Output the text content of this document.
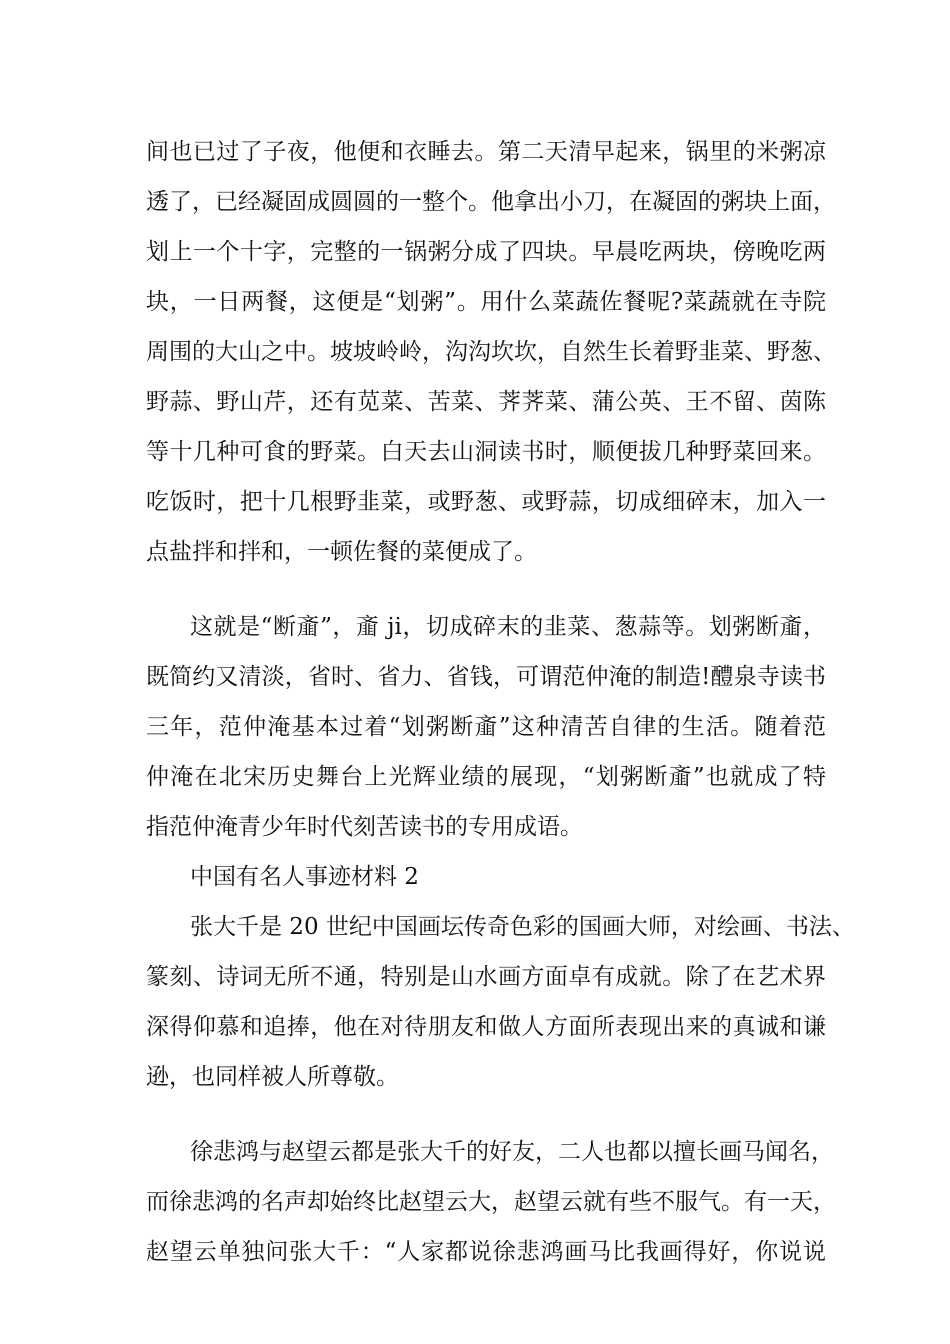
间也已过了子夜，他便和衣睡去。第二天清早起来，锅里的米粥凉
透了，已经凝固成圆圆的一整个。他拿出小刀，在凝固的粥块上面，
划上一个十字，完整的一锅粥分成了四块。早晨吃两块，傍晚吃两
块，一日两餐，这便是“划粥”。用什么菜蔬佐餐呢?菜蔬就在寺院
周围的大山之中。坡坡岭岭，沟沟坎坎，自然生长着野韭菜、野葱、
野蒜、野山芹，还有苋菜、苦菜、荠荠菜、蒲公英、王不留、茵陈
等十几种可食的野菜。白天去山洞读书时，顺便拔几种野菜回来。
吃饭时，把十几根野韭菜，或野葱、或野蒜，切成细碎末，加入一
点盐拌和拌和，一顿佐餐的菜便成了。
这就是“断齑”，齑 ji，切成碎末的韭菜、葱蒜等。划粥断齑，
既简约又清淡，省时、省力、省钱，可谓范仲淹的制造!醴泉寺读书
三年，范仲淹基本过着“划粥断齑”这种清苦自律的生活。随着范
仲淹在北宋历史舞台上光辉业绩的展现，“划粥断齑”也就成了特
指范仲淹青少年时代刻苦读书的专用成语。
中国有名人事迹材料 2
张大千是 20 世纪中国画坛传奇色彩的国画大师，对绘画、书法、
篆刻、诗词无所不通，特别是山水画方面卓有成就。除了在艺术界
深得仰慕和追捧，他在对待朋友和做人方面所表现出来的真诚和谦
逊，也同样被人所尊敬。
徐悲鸿与赵望云都是张大千的好友，二人也都以擅长画马闻名，
而徐悲鸿的名声却始终比赵望云大，赵望云就有些不服气。有一天，
赵望云单独问张大千：“人家都说徐悲鸿画马比我画得好，你说说
